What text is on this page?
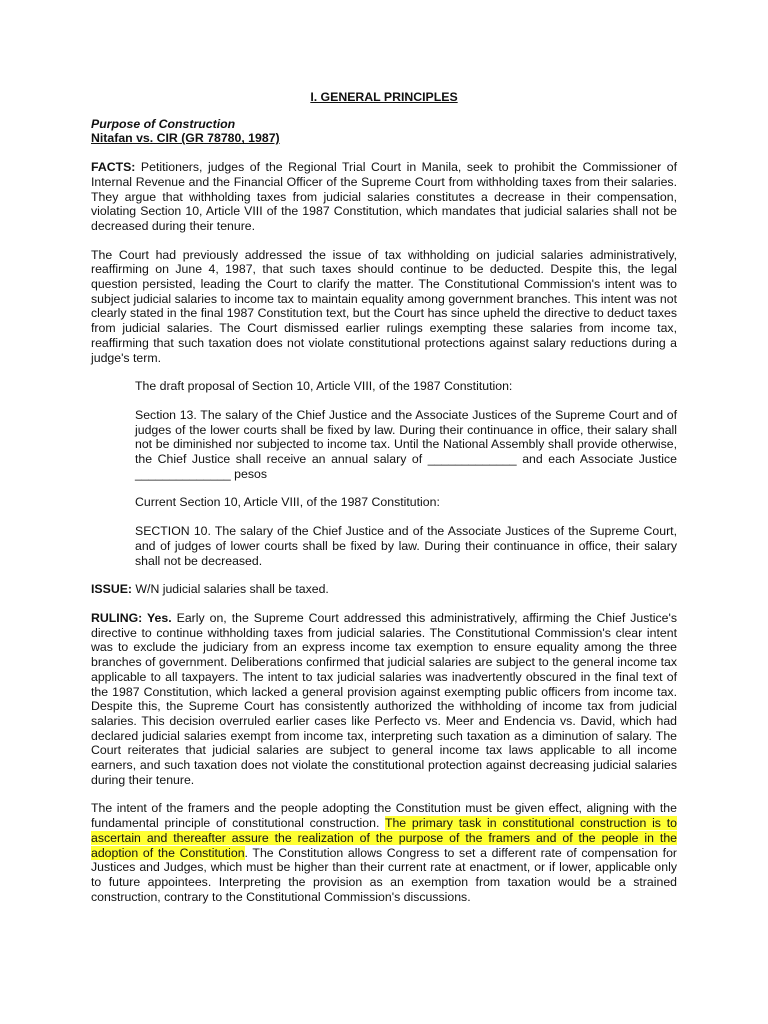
I. GENERAL PRINCIPLES
Purpose of Construction
Nitafan vs. CIR (GR 78780, 1987)

FACTS: Petitioners, judges of the Regional Trial Court in Manila, seek to prohibit the Commissioner of Internal Revenue and the Financial Officer of the Supreme Court from withholding taxes from their salaries. They argue that withholding taxes from judicial salaries constitutes a decrease in their compensation, violating Section 10, Article VIII of the 1987 Constitution, which mandates that judicial salaries shall not be decreased during their tenure.

The Court had previously addressed the issue of tax withholding on judicial salaries administratively, reaffirming on June 4, 1987, that such taxes should continue to be deducted. Despite this, the legal question persisted, leading the Court to clarify the matter. The Constitutional Commission's intent was to subject judicial salaries to income tax to maintain equality among government branches. This intent was not clearly stated in the final 1987 Constitution text, but the Court has since upheld the directive to deduct taxes from judicial salaries. The Court dismissed earlier rulings exempting these salaries from income tax, reaffirming that such taxation does not violate constitutional protections against salary reductions during a judge's term.

The draft proposal of Section 10, Article VIII, of the 1987 Constitution:

Section 13. The salary of the Chief Justice and the Associate Justices of the Supreme Court and of judges of the lower courts shall be fixed by law. During their continuance in office, their salary shall not be diminished nor subjected to income tax. Until the National Assembly shall provide otherwise, the Chief Justice shall receive an annual salary of _____________ and each Associate Justice ______________ pesos

Current Section 10, Article VIII, of the 1987 Constitution:

SECTION 10. The salary of the Chief Justice and of the Associate Justices of the Supreme Court, and of judges of lower courts shall be fixed by law. During their continuance in office, their salary shall not be decreased.

ISSUE: W/N judicial salaries shall be taxed.

RULING: Yes. Early on, the Supreme Court addressed this administratively, affirming the Chief Justice's directive to continue withholding taxes from judicial salaries. The Constitutional Commission's clear intent was to exclude the judiciary from an express income tax exemption to ensure equality among the three branches of government. Deliberations confirmed that judicial salaries are subject to the general income tax applicable to all taxpayers. The intent to tax judicial salaries was inadvertently obscured in the final text of the 1987 Constitution, which lacked a general provision against exempting public officers from income tax. Despite this, the Supreme Court has consistently authorized the withholding of income tax from judicial salaries. This decision overruled earlier cases like Perfecto vs. Meer and Endencia vs. David, which had declared judicial salaries exempt from income tax, interpreting such taxation as a diminution of salary. The Court reiterates that judicial salaries are subject to general income tax laws applicable to all income earners, and such taxation does not violate the constitutional protection against decreasing judicial salaries during their tenure.

The intent of the framers and the people adopting the Constitution must be given effect, aligning with the fundamental principle of constitutional construction. The primary task in constitutional construction is to ascertain and thereafter assure the realization of the purpose of the framers and of the people in the adoption of the Constitution. The Constitution allows Congress to set a different rate of compensation for Justices and Judges, which must be higher than their current rate at enactment, or if lower, applicable only to future appointees. Interpreting the provision as an exemption from taxation would be a strained construction, contrary to the Constitutional Commission's discussions.
